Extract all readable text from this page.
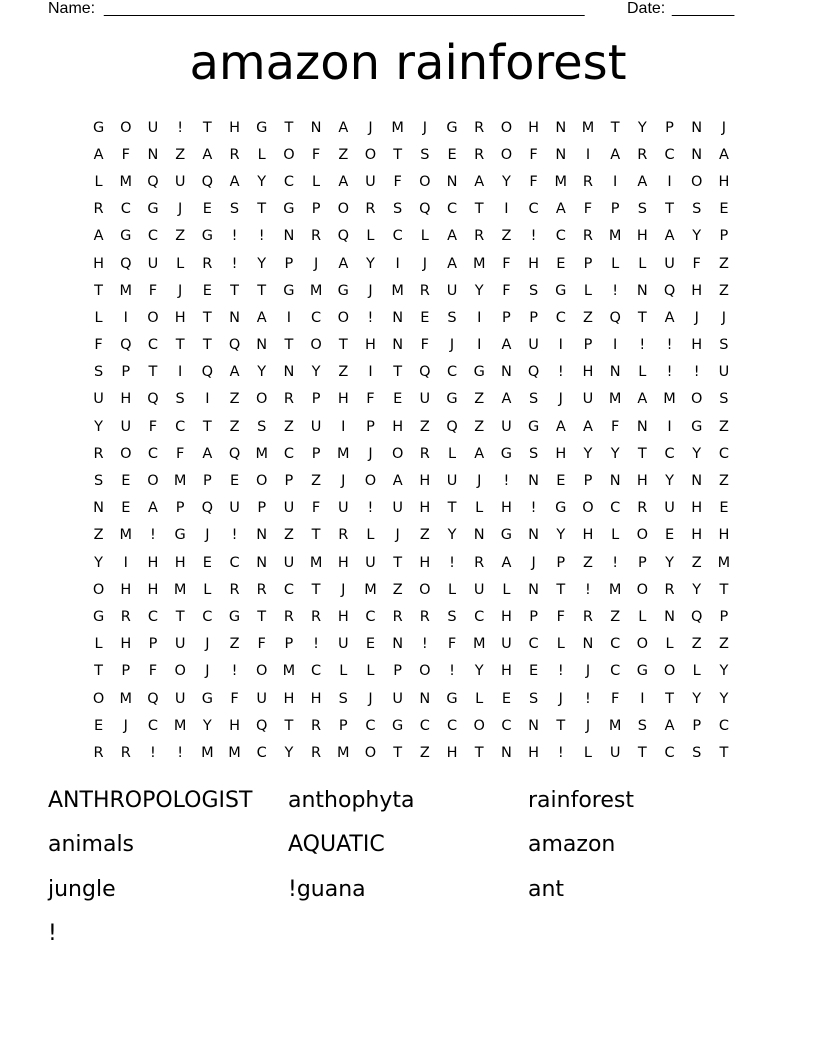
Name: ______________________________________________________	Date: _______
amazon rainforest
G	O	U	!	T	H	G	T	N	A	J	M	J	G	R	O	H	N	M	T	Y	P	N	J
A	F	N	Z	A	R	L	O	F	Z	O	T	S	E	R	O	F	N	I	A	R	C	N	A
L	M	Q	U	Q	A	Y	C	L	A	U	F	O	N	A	Y	F	M	R	I	A	I	O	H
R	C	G	J	E	S	T	G	P	O	R	S	Q	C	T	I	C	A	F	P	S	T	S	E
A	G	C	Z	G	!	!	N	R	Q	L	C	L	A	R	Z	!	C	R	M	H	A	Y	P
H	Q	U	L	R	!	Y	P	J	A	Y	I	J	A	M	F	H	E	P	L	L	U	F	Z
T	M	F	J	E	T	T	G	M	G	J	M	R	U	Y	F	S	G	L	!	N	Q	H	Z
L	I	O	H	T	N	A	I	C	O	!	N	E	S	I	P	P	C	Z	Q	T	A	J	J
F	Q	C	T	T	Q	N	T	O	T	H	N	F	J	I	A	U	I	P	I	!	!	H	S
S	P	T	I	Q	A	Y	N	Y	Z	I	T	Q	C	G	N	Q	!	H	N	L	!	!	U
U	H	Q	S	I	Z	O	R	P	H	F	E	U	G	Z	A	S	J	U	M	A	M	O	S
Y	U	F	C	T	Z	S	Z	U	I	P	H	Z	Q	Z	U	G	A	A	F	N	I	G	Z
R	O	C	F	A	Q	M	C	P	M	J	O	R	L	A	G	S	H	Y	Y	T	C	Y	C
S	E	O	M	P	E	O	P	Z	J	O	A	H	U	J	!	N	E	P	N	H	Y	N	Z
N	E	A	P	Q	U	P	U	F	U	!	U	H	T	L	H	!	G	O	C	R	U	H	E
Z	M	!	G	J	!	N	Z	T	R	L	J	Z	Y	N	G	N	Y	H	L	O	E	H	H
Y	I	H	H	E	C	N	U	M	H	U	T	H	!	R	A	J	P	Z	!	P	Y	Z	M
O	H	H	M	L	R	R	C	T	J	M	Z	O	L	U	L	N	T	!	M	O	R	Y	T
G	R	C	T	C	G	T	R	R	H	C	R	R	S	C	H	P	F	R	Z	L	N	Q	P
L	H	P	U	J	Z	F	P	!	U	E	N	!	F	M	U	C	L	N	C	O	L	Z	Z
T	P	F	O	J	!	O	M	C	L	L	P	O	!	Y	H	E	!	J	C	G	O	L	Y
O	M	Q	U	G	F	U	H	H	S	J	U	N	G	L	E	S	J	!	F	I	T	Y	Y
E	J	C	M	Y	H	Q	T	R	P	C	G	C	C	O	C	N	T	J	M	S	A	P	C
R	R	!	!	M	M	C	Y	R	M	O	T	Z	H	T	N	H	!	L	U	T	C	S	T
ANTHROPOLOGIST	anthophyta	rainforest
animals	AQUATIC	amazon
jungle	!guana	ant
!
